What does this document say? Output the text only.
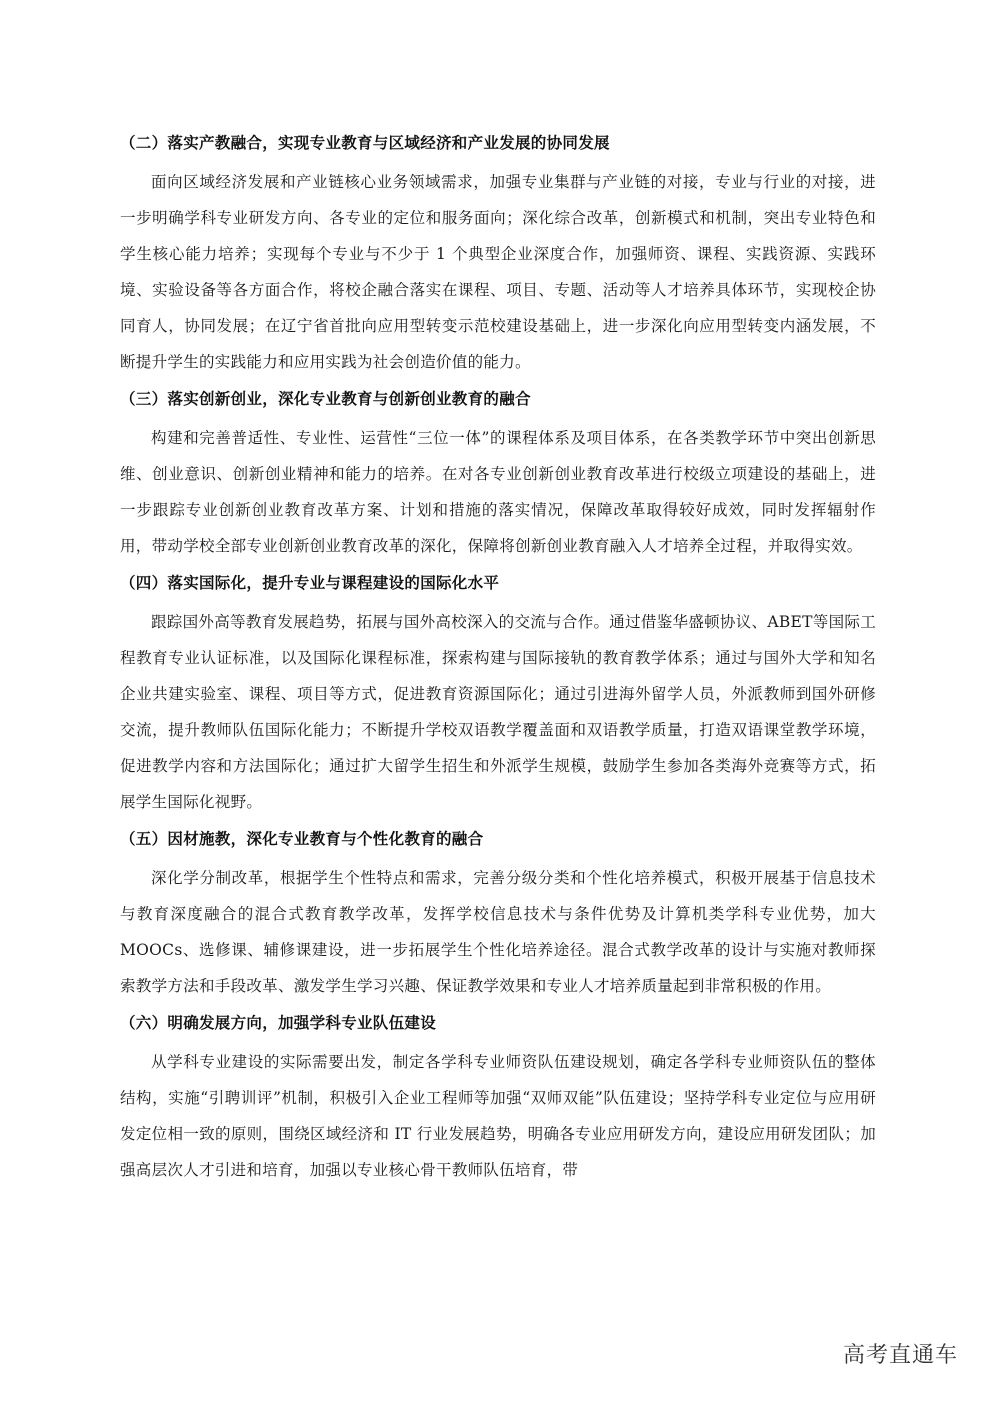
（二）落实产教融合，实现专业教育与区域经济和产业发展的协同发展

面向区域经济发展和产业链核心业务领域需求，加强专业集群与产业链的对接，专业与行业的对接，进一步明确学科专业研发方向、各专业的定位和服务面向；深化综合改革，创新模式和机制，突出专业特色和学生核心能力培养；实现每个专业与不少于 1 个典型企业深度合作，加强师资、课程、实践资源、实践环境、实验设备等各方面合作，将校企融合落实在课程、项目、专题、活动等人才培养具体环节，实现校企协同育人，协同发展；在辽宁省首批向应用型转变示范校建设基础上，进一步深化向应用型转变内涵发展，不断提升学生的实践能力和应用实践为社会创造价值的能力。

（三）落实创新创业，深化专业教育与创新创业教育的融合

构建和完善普适性、专业性、运营性“三位一体”的课程体系及项目体系，在各类教学环节中突出创新思维、创业意识、创新创业精神和能力的培养。在对各专业创新创业教育改革进行校级立项建设的基础上，进一步跟踪专业创新创业教育改革方案、计划和措施的落实情况，保障改革取得较好成效，同时发挥辐射作用，带动学校全部专业创新创业教育改革的深化，保障将创新创业教育融入人才培养全过程，并取得实效。

（四）落实国际化，提升专业与课程建设的国际化水平

跟踪国外高等教育发展趋势，拓展与国外高校深入的交流与合作。通过借鉴华盛顿协议、ABET等国际工程教育专业认证标准，以及国际化课程标准，探索构建与国际接轨的教育教学体系；通过与国外大学和知名企业共建实验室、课程、项目等方式，促进教育资源国际化；通过引进海外留学人员，外派教师到国外研修交流，提升教师队伍国际化能力；不断提升学校双语教学覆盖面和双语教学质量，打造双语课堂教学环境，促进教学内容和方法国际化；通过扩大留学生招生和外派学生规模，鼓励学生参加各类海外竞赛等方式，拓展学生国际化视野。

（五）因材施教，深化专业教育与个性化教育的融合

深化学分制改革，根据学生个性特点和需求，完善分级分类和个性化培养模式，积极开展基于信息技术与教育深度融合的混合式教育教学改革，发挥学校信息技术与条件优势及计算机类学科专业优势，加大 MOOCs、选修课、辅修课建设，进一步拓展学生个性化培养途径。混合式教学改革的设计与实施对教师探索教学方法和手段改革、激发学生学习兴趣、保证教学效果和专业人才培养质量起到非常积极的作用。

（六）明确发展方向，加强学科专业队伍建设

从学科专业建设的实际需要出发，制定各学科专业师资队伍建设规划，确定各学科专业师资队伍的整体结构，实施“引聘训评”机制，积极引入企业工程师等加强“双师双能”队伍建设；坚持学科专业定位与应用研发定位相一致的原则，围绕区域经济和 IT 行业发展趋势，明确各专业应用研发方向，建设应用研发团队；加强高层次人才引进和培育，加强以专业核心骨干教师队伍培育，带

高考直通车
